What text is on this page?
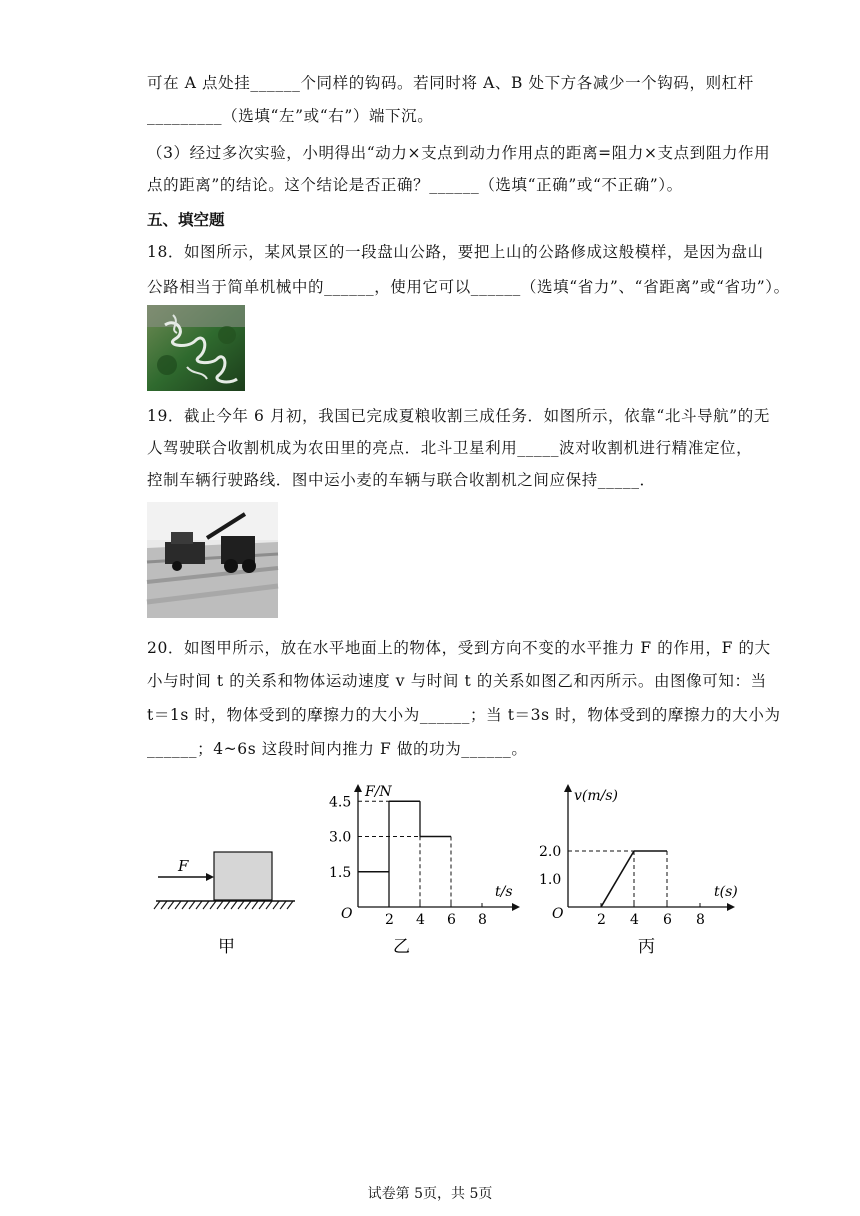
可在 A 点处挂______个同样的钩码。若同时将 A、B 处下方各减少一个钩码，则杠杆
_________（选填“左”或“右”）端下沉。
（3）经过多次实验，小明得出“动力×支点到动力作用点的距离=阻力×支点到阻力作用
点的距离”的结论。这个结论是否正确？______（选填“正确”或“不正确”）。
五、填空题
18．如图所示，某风景区的一段盘山公路，要把上山的公路修成这般模样，是因为盘山
公路相当于简单机械中的______，使用它可以______（选填“省力”、“省距离”或“省功”）。
19．截止今年 6 月初，我国已完成夏粮收割三成任务．如图所示，依靠“北斗导航”的无
人驾驶联合收割机成为农田里的亮点．北斗卫星利用_____波对收割机进行精准定位，
控制车辆行驶路线．图中运小麦的车辆与联合收割机之间应保持_____．
20．如图甲所示，放在水平地面上的物体，受到方向不变的水平推力 F 的作用，F 的大
小与时间 t 的关系和物体运动速度 v 与时间 t 的关系如图乙和丙所示。由图像可知：当
t＝1s 时，物体受到的摩擦力的大小为______；当 t＝3s 时，物体受到的摩擦力的大小为
______；4~6s 这段时间内推力 F 做的功为______。
F
甲
F/N
t/s
O
乙
2 4 6 8
4.5
3.0
1.5
v(m/s)
t(s)
O
丙
2 4 6 8
2.0
1.0
试卷第 5页，共 5页
